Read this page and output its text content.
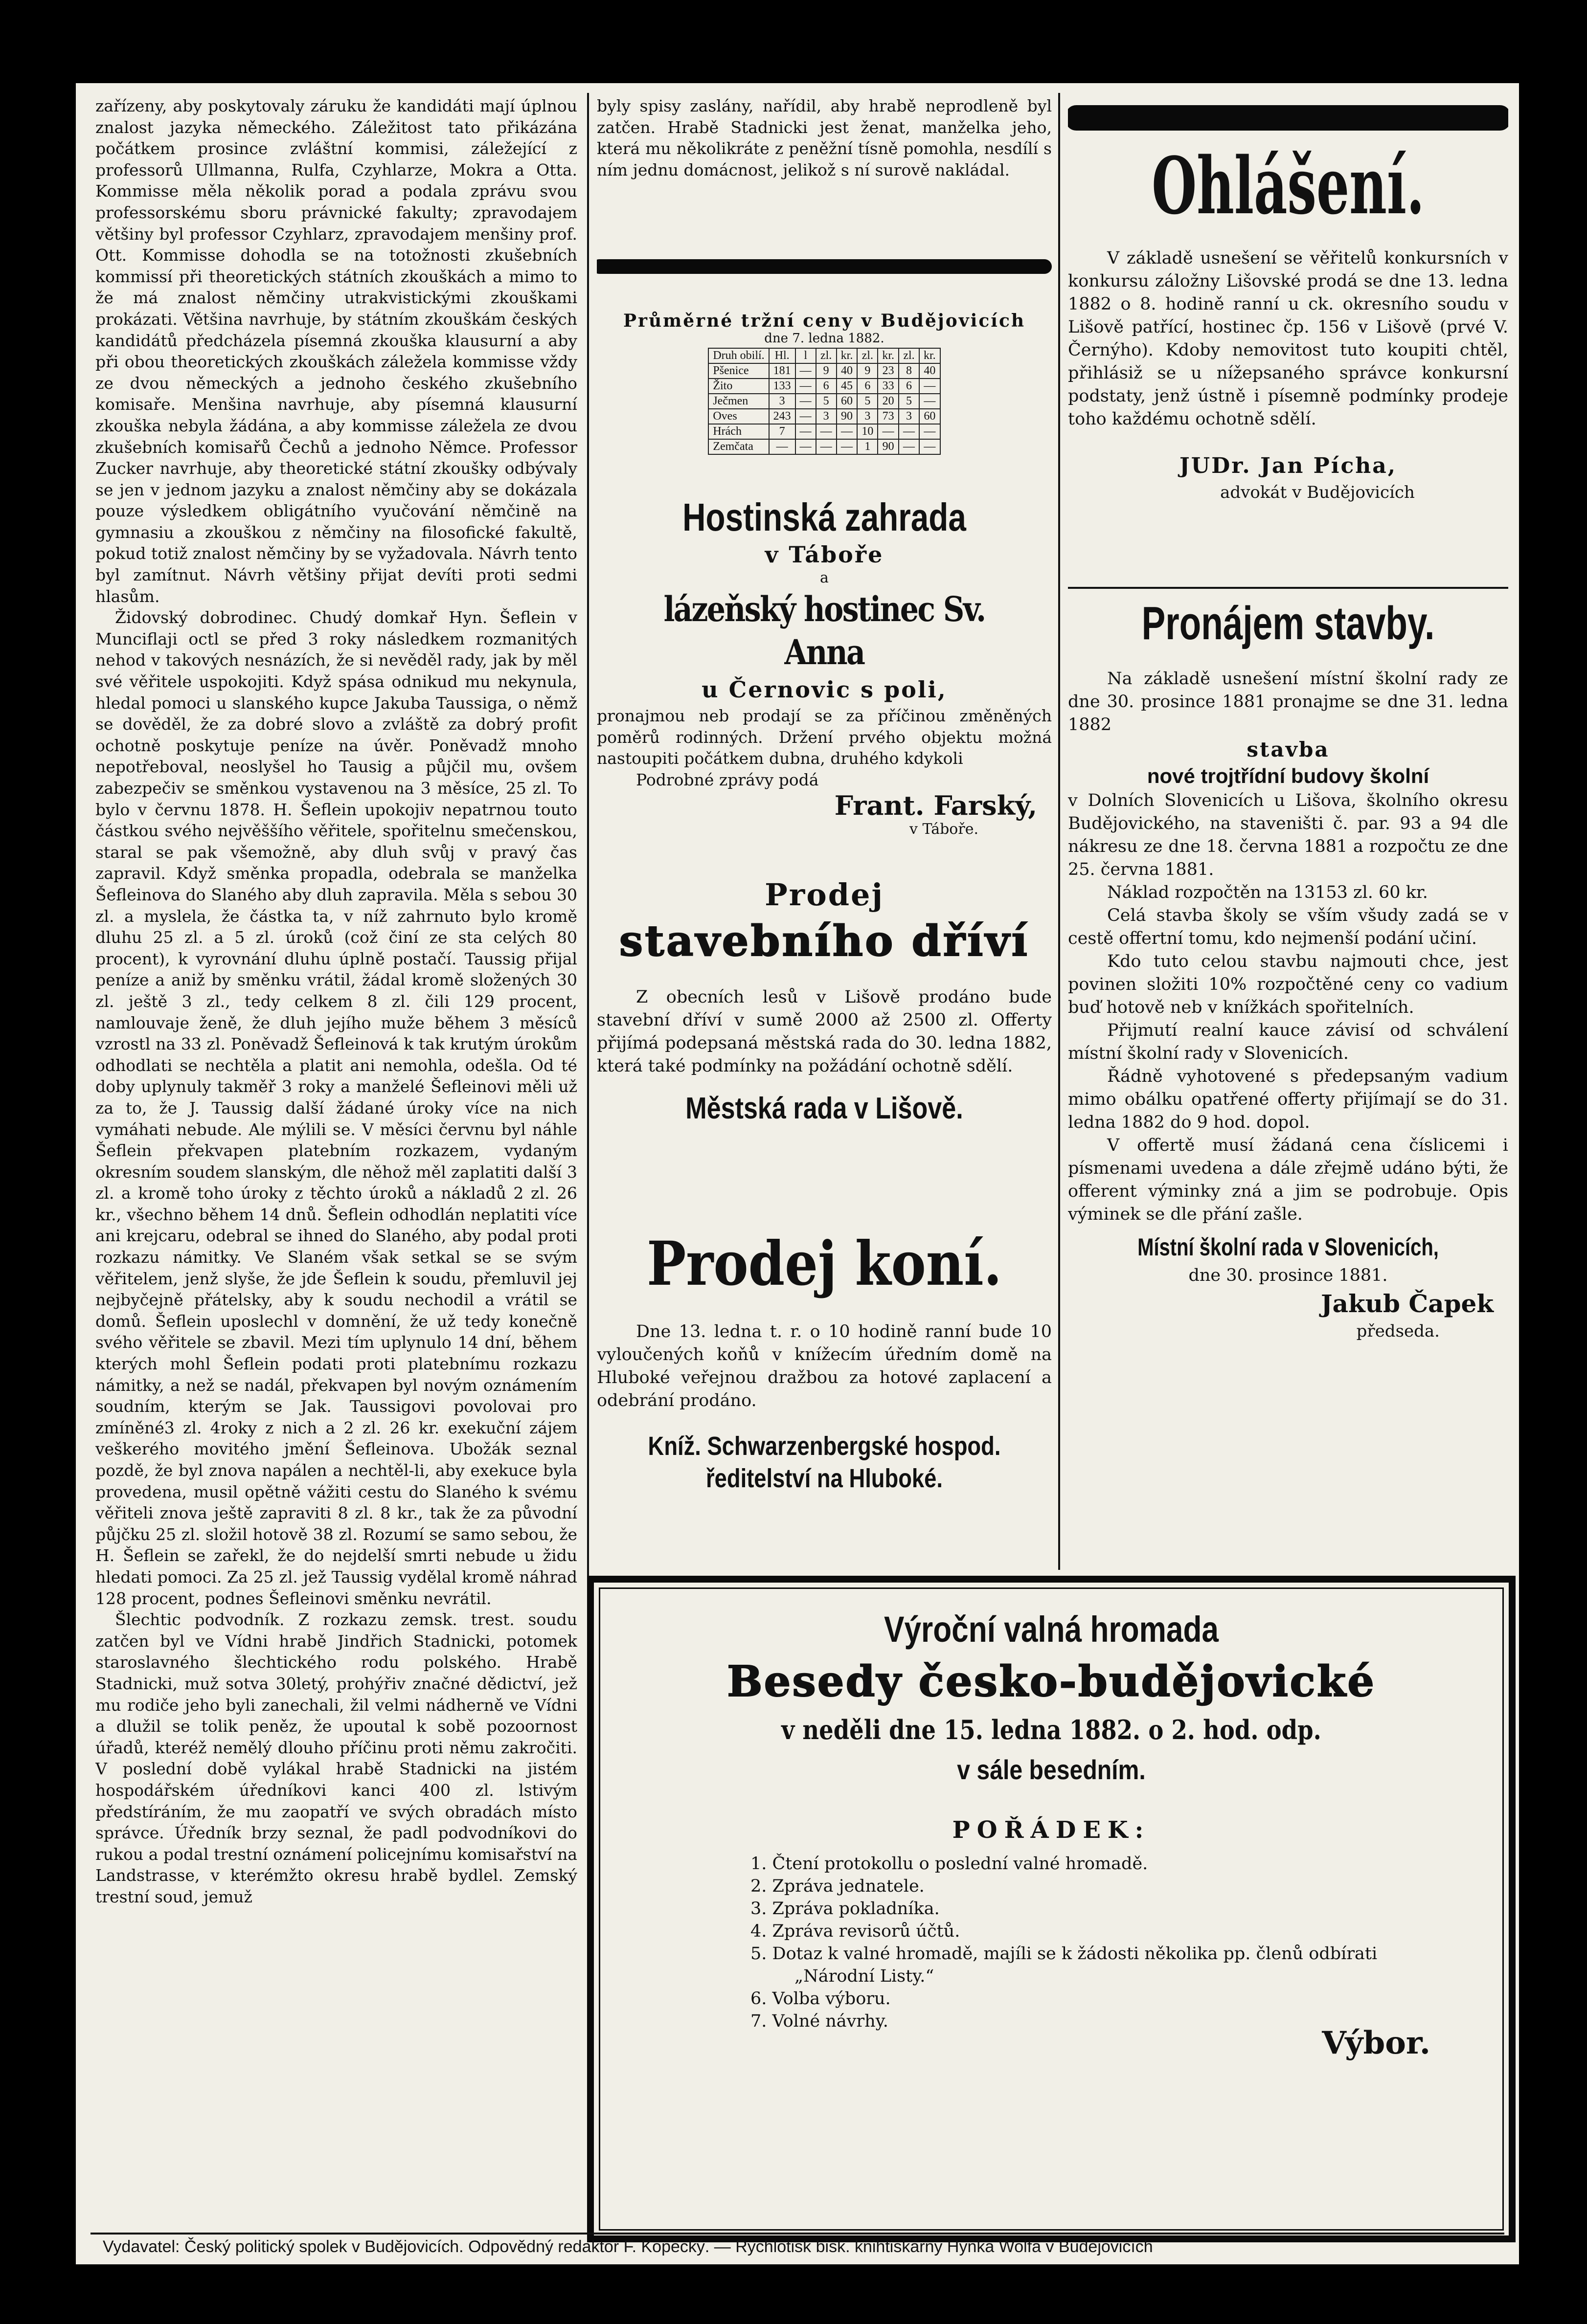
zařízeny, aby poskytovaly záruku že kandidáti mají úplnou znalost jazyka německého. Záležitost tato přikázána počátkem prosince zvláštní kommisi, záležející z professorů Ullmanna, Rulfa, Czyhlarze, Mokra a Otta. Kommisse měla několik porad a podala zprávu svou professorskému sboru právnické fakulty; zpravodajem většiny byl professor Czyhlarz, zpravodajem menšiny prof. Ott. Kommisse dohodla se na totožnosti zkušebních kommissí při theoretických státních zkouškách a mimo to že má znalost němčiny utrakvistickými zkouškami prokázati. Většina navrhuje, by státním zkouškám českých kandidátů předcházela písemná zkouška klausurní a aby při obou theoretických zkouškách záležela kommisse vždy ze dvou německých a jednoho českého zkušebního komisaře. Menšina navrhuje, aby písemná klausurní zkouška nebyla žádána, a aby kommisse záležela ze dvou zkušebních komisařů Čechů a jednoho Němce. Professor Zucker navrhuje, aby theoretické státní zkoušky odbývaly se jen v jednom jazyku a znalost němčiny aby se dokázala pouze výsledkem obligátního vyučování němčině na gymnasiu a zkouškou z němčiny na filosofické fakultě, pokud totiž znalost němčiny by se vyžadovala. Návrh tento byl zamítnut. Návrh většiny přijat devíti proti sedmi hlasům.

Židovský dobrodinec. Chudý domkař Hyn. Šeflein v Munciflaji octl se před 3 roky následkem rozmanitých nehod v takových nesnázích, že si nevěděl rady, jak by měl své věřitele uspokojiti. Když spása odnikud mu nekynula, hledal pomoci u slanského kupce Jakuba Taussiga, o němž se dověděl, že za dobré slovo a zvláště za dobrý profit ochotně poskytuje peníze na úvěr. Poněvadž mnoho nepotřeboval, neoslyšel ho Tausig a půjčil mu, ovšem zabezpečiv se směnkou vystavenou na 3 měsíce, 25 zl. To bylo v červnu 1878. H. Šeflein upokojiv nepatrnou touto částkou svého nejvěššího věřitele, spořitelnu smečenskou, staral se pak všemožně, aby dluh svůj v pravý čas zapravil. Když směnka propadla, odebrala se manželka Šefleinova do Slaného aby dluh zapravila. Měla s sebou 30 zl. a myslela, že částka ta, v níž zahrnuto bylo kromě dluhu 25 zl. a 5 zl. úroků (což činí ze sta celých 80 procent), k vyrovnání dluhu úplně postačí. Taussig přijal peníze a aniž by směnku vrátil, žádal kromě složených 30 zl. ještě 3 zl., tedy celkem 8 zl. čili 129 procent, namlouvaje ženě, že dluh jejího muže během 3 měsíců vzrostl na 33 zl. Poněvadž Šefleinová k tak krutým úrokům odhodlati se nechtěla a platit ani nemohla, odešla. Od té doby uplynuly takměř 3 roky a manželé Šefleinovi měli už za to, že J. Taussig další žádané úroky více na nich vymáhati nebude. Ale mýlili se. V měsíci červnu byl náhle Šeflein překvapen platebním rozkazem, vydaným okresním soudem slanským, dle něhož měl zaplatiti další 3 zl. a kromě toho úroky z těchto úroků a nákladů 2 zl. 26 kr., všechno během 14 dnů. Šeflein odhodlán neplatiti více ani krejcaru, odebral se ihned do Slaného, aby podal proti rozkazu námitky. Ve Slaném však setkal se se svým věřitelem, jenž slyše, že jde Šeflein k soudu, přemluvil jej nejbyčejně přátelsky, aby k soudu nechodil a vrátil se domů. Šeflein uposlechl v domnění, že už tedy konečně svého věřitele se zbavil. Mezi tím uplynulo 14 dní, během kterých mohl Šeflein podati proti platebnímu rozkazu námitky, a než se nadál, překvapen byl novým oznámením soudním, kterým se Jak. Taussigovi povolovai pro zmíněné3 zl. 4roky z nich a 2 zl. 26 kr. exekuční zájem veškerého movitého jmění Šefleinova. Ubožák seznal pozdě, že byl znova napálen a nechtěl-li, aby exekuce byla provedena, musil opětně vážiti cestu do Slaného k svému věřiteli znova ještě zapraviti 8 zl. 8 kr., tak že za původní půjčku 25 zl. složil hotově 38 zl. Rozumí se samo sebou, že H. Šeflein se zařekl, že do nejdelší smrti nebude u židu hledati pomoci. Za 25 zl. jež Taussig vydělal kromě náhrad 128 procent, podnes Šefleinovi směnku nevrátil.

Šlechtic podvodník. Z rozkazu zemsk. trest. soudu zatčen byl ve Vídni hrabě Jindřich Stadnicki, potomek staroslavného šlechtického rodu polského. Hrabě Stadnicki, muž sotva 30letý, prohýřiv značné dědictví, jež mu rodiče jeho byli zanechali, žil velmi nádherně ve Vídni a dlužil se tolik peněz, že upoutal k sobě pozoornost úřadů, kteréž nemělý dlouho příčinu proti němu zakročiti. V poslední době vylákal hrabě Stadnicki na jistém hospodářském úředníkovi kanci 400 zl. lstivým předstíráním, že mu zaopatří ve svých obradách místo správce. Úředník brzy seznal, že padl podvodníkovi do rukou a podal trestní oznámení policejnímu komisařství na Landstrasse, v kterémžto okresu hrabě bydlel. Zemský trestní soud, jemuž

byly spisy zaslány, nařídil, aby hrabě neprodleně byl zatčen. Hrabě Stadnicki jest ženat, manželka jeho, která mu několikráte z peněžní tísně pomohla, nesdílí s ním jednu domácnost, jelikož s ní surově nakládal.

Průměrné tržní ceny v Budějovicích
dne 7. ledna 1882.
Druh obilí.	Hl.	l	zl.	kr.	zl.	kr.	zl.	kr.
Pšenice	181	—	9	40	9	23	8	40
Žito	133	—	6	45	6	33	6	—
Ječmen	3	—	5	60	5	20	5	—
Oves	243	—	3	90	3	73	3	60
Hrách	7	—	—	—	10	—	—	—
Zemčata	—	—	—	—	1	90	—	—
Hostinská zahrada
v Táboře
a
lázeňský hostinec Sv. Anna
u Černovic s poli,

pronajmou neb prodají se za příčinou změněných poměrů rodinných. Držení prvého objektu možná nastoupiti počátkem dubna, druhého kdykoli

Podrobné zprávy podá

Frant. Farský,
v Táboře.
Prodej
stavebního dříví

Z obecních lesů v Lišově prodáno bude stavební dříví v sumě 2000 až 2500 zl. Offerty přijímá podepsaná městská rada do 30. ledna 1882, která také podmínky na požádání ochotně sdělí.

Městská rada v Lišově.
Prodej koní.

Dne 13. ledna t. r. o 10 hodině ranní bude 10 vyloučených koňů v knížecím úředním domě na Hluboké veřejnou dražbou za hotové zaplacení a odebrání prodáno.

Kníž. Schwarzenbergské hospod.
ředitelství na Hluboké.
Ohlášení.

V základě usnešení se věřitelů konkursních v konkursu záložny Lišovské prodá se dne 13. ledna 1882 o 8. hodině ranní u ck. okresního soudu v Lišově patřící, hostinec čp. 156 v Lišově (prvé V. Černýho). Kdoby nemovitost tuto koupiti chtěl, přihlásiž se u nížepsaného správce konkursní podstaty, jenž ústně i písemně podmínky prodeje toho každému ochotně sdělí.

JUDr. Jan Pícha,
advokát v Budějovicích
Pronájem stavby.

Na základě usnešení místní školní rady ze dne 30. prosince 1881 pronajme se dne 31. ledna 1882

stavba
nové trojtřídní budovy školní

v Dolních Slovenicích u Lišova, školního okresu Budějovického, na staveništi č. par. 93 a 94 dle nákresu ze dne 18. června 1881 a rozpočtu ze dne 25. června 1881.

Náklad rozpočtěn na 13153 zl. 60 kr.

Celá stavba školy se vším všudy zadá se v cestě offertní tomu, kdo nejmenší podání učiní.

Kdo tuto celou stavbu najmouti chce, jest povinen složiti 10% rozpočtěné ceny co vadium buď hotově neb v knížkách spořitelních.

Přijmutí realní kauce závisí od schválení místní školní rady v Slovenicích.

Řádně vyhotovené s předepsaným vadium mimo obálku opatřené offerty přijímají se do 31. ledna 1882 do 9 hod. dopol.

V offertě musí žádaná cena číslicemi i písmenami uvedena a dále zřejmě udáno býti, že offerent výminky zná a jim se podrobuje. Opis výminek se dle přání zašle.

Místní školní rada v Slovenicích,
dne 30. prosince 1881.
Jakub Čapek
předseda.
Výroční valná hromada
Besedy česko-budějovické
v neděli dne 15. ledna 1882. o 2. hod. odp.
v sále besedním.
POŘÁDEK:
1. Čtení protokollu o poslední valné hromadě.
2. Zpráva jednatele.
3. Zpráva pokladníka.
4. Zpráva revisorů účtů.
5. Dotaz k valné hromadě, majíli se k žádosti několika pp. členů odbírati
„Národní Listy.“
6. Volba výboru.
7. Volné návrhy.
Výbor.
Vydavatel: Český politický spolek v Budějovicích. Odpovědný redaktor F. Kopecký. — Rychlotisk bisk. knihtiskárny Hynka Wolfa v Budějovicích
